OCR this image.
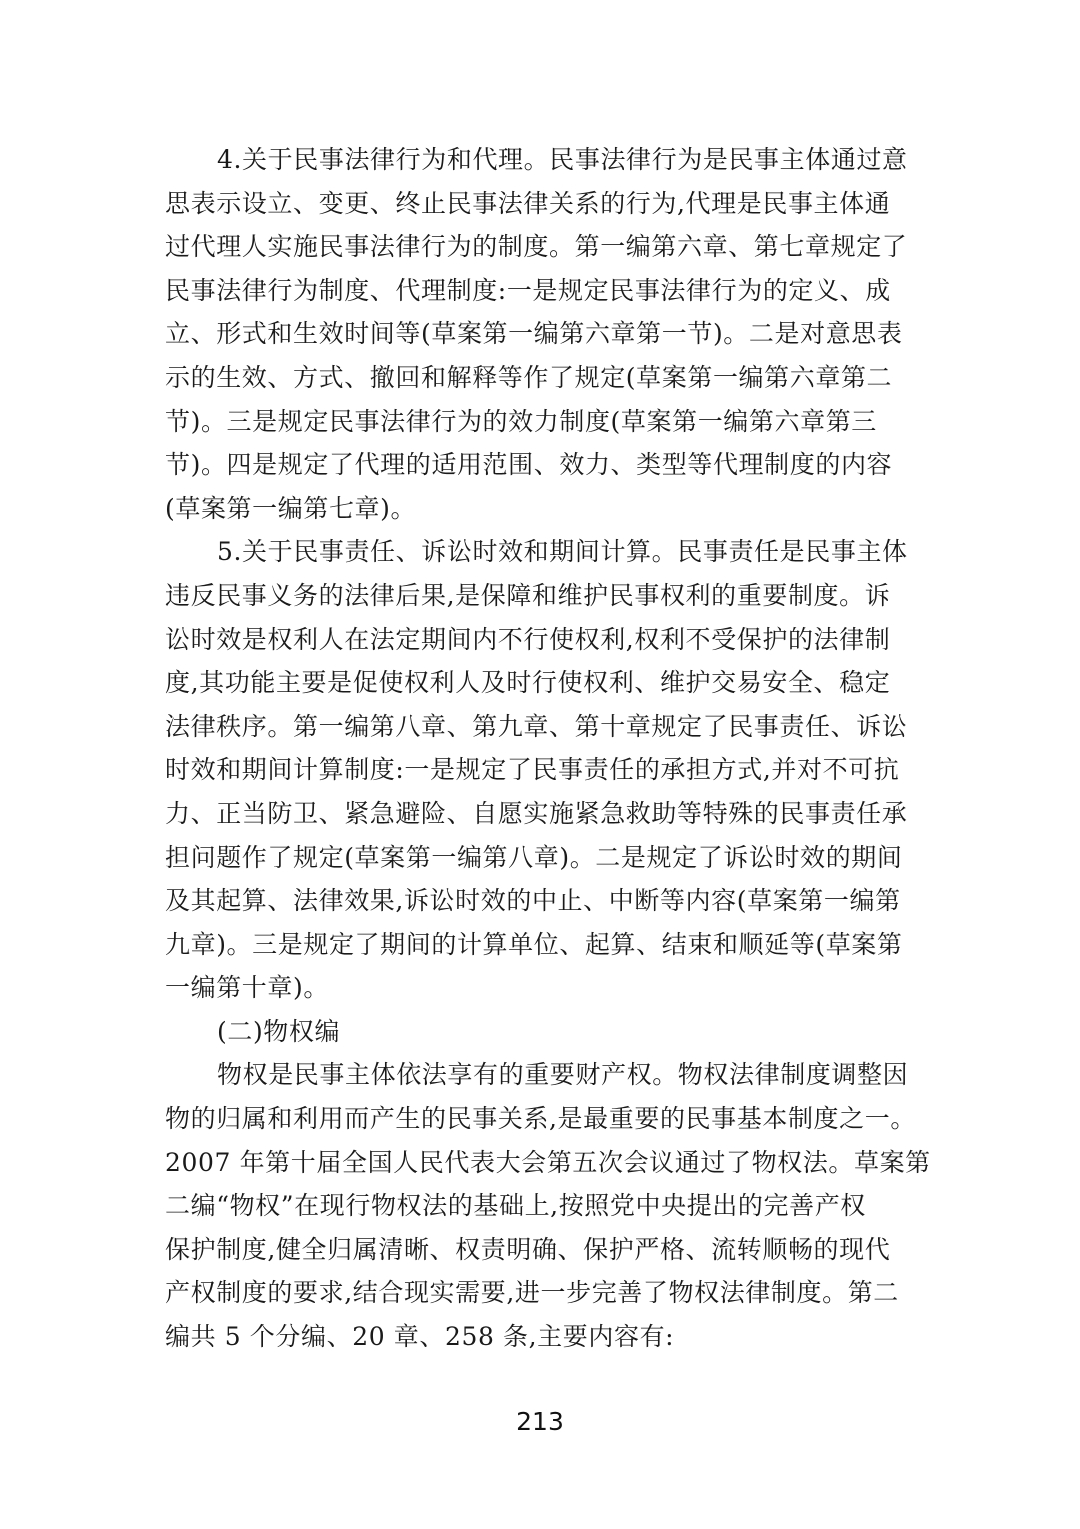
4.关于民事法律行为和代理。民事法律行为是民事主体通过意
思表示设立、变更、终止民事法律关系的行为,代理是民事主体通
过代理人实施民事法律行为的制度。第一编第六章、第七章规定了
民事法律行为制度、代理制度:一是规定民事法律行为的定义、成
立、形式和生效时间等(草案第一编第六章第一节)。二是对意思表
示的生效、方式、撤回和解释等作了规定(草案第一编第六章第二
节)。三是规定民事法律行为的效力制度(草案第一编第六章第三
节)。四是规定了代理的适用范围、效力、类型等代理制度的内容
(草案第一编第七章)。
5.关于民事责任、诉讼时效和期间计算。民事责任是民事主体
违反民事义务的法律后果,是保障和维护民事权利的重要制度。诉
讼时效是权利人在法定期间内不行使权利,权利不受保护的法律制
度,其功能主要是促使权利人及时行使权利、维护交易安全、稳定
法律秩序。第一编第八章、第九章、第十章规定了民事责任、诉讼
时效和期间计算制度:一是规定了民事责任的承担方式,并对不可抗
力、正当防卫、紧急避险、自愿实施紧急救助等特殊的民事责任承
担问题作了规定(草案第一编第八章)。二是规定了诉讼时效的期间
及其起算、法律效果,诉讼时效的中止、中断等内容(草案第一编第
九章)。三是规定了期间的计算单位、起算、结束和顺延等(草案第
一编第十章)。
(二)物权编
物权是民事主体依法享有的重要财产权。物权法律制度调整因
物的归属和利用而产生的民事关系,是最重要的民事基本制度之一。
2007 年第十届全国人民代表大会第五次会议通过了物权法。草案第
二编“物权”在现行物权法的基础上,按照党中央提出的完善产权
保护制度,健全归属清晰、权责明确、保护严格、流转顺畅的现代
产权制度的要求,结合现实需要,进一步完善了物权法律制度。第二
编共 5 个分编、20 章、258 条,主要内容有:
213
